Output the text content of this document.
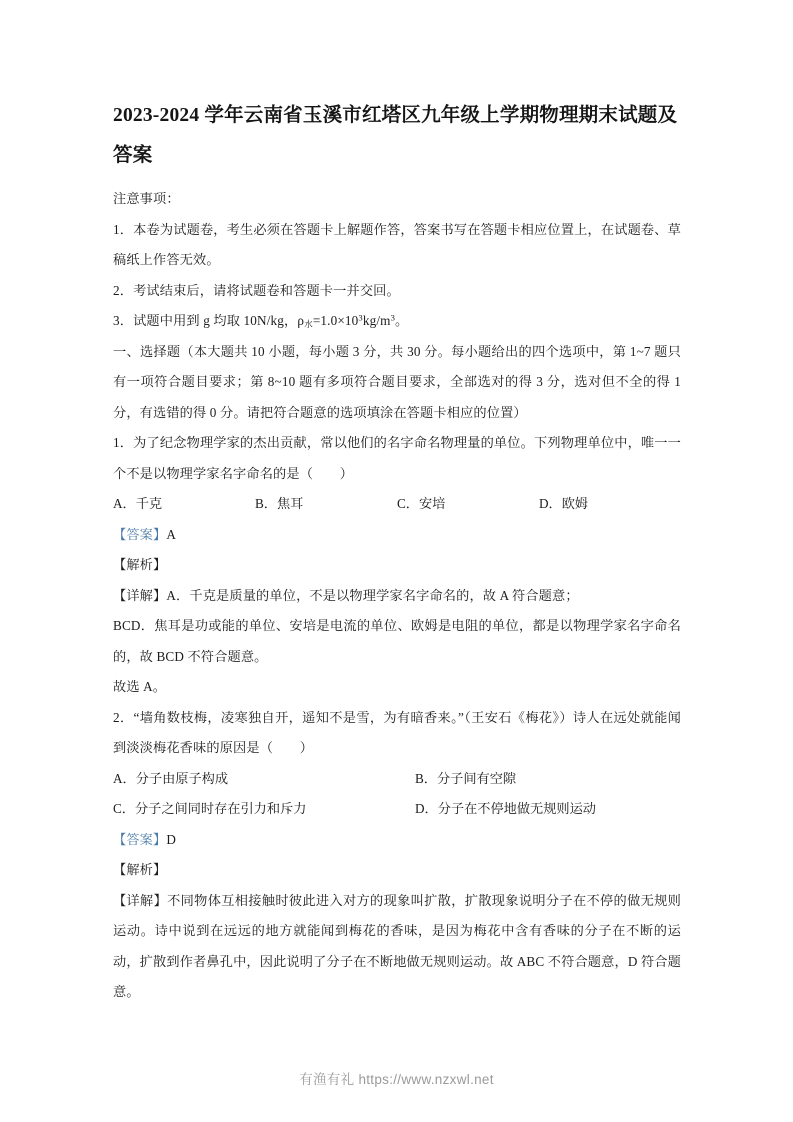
2023-2024 学年云南省玉溪市红塔区九年级上学期物理期末试题及答案

注意事项：

1．本卷为试题卷，考生必须在答题卡上解题作答，答案书写在答题卡相应位置上，在试题卷、草稿纸上作答无效。

2．考试结束后，请将试题卷和答题卡一并交回。

3．试题中用到 g 均取 10N/kg，$\rho_水=1.0\times 10^3kg/m^3$。

一、选择题（本大题共 10 小题，每小题 3 分，共 30 分。每小题给出的四个选项中，第 1~7 题只有一项符合题目要求；第 8~10 题有多项符合题目要求，全部选对的得 3 分，选对但不全的得 1 分，有选错的得 0 分。请把符合题意的选项填涂在答题卡相应的位置）

1．为了纪念物理学家的杰出贡献，常以他们的名字命名物理量的单位。下列物理单位中，唯一一个不是以物理学家名字命名的是（　　）

A．千克	B．焦耳	C．安培	D．欧姆

【答案】A

【解析】

【详解】A．千克是质量的单位，不是以物理学家名字命名的，故 A 符合题意；

BCD．焦耳是功或能的单位、安培是电流的单位、欧姆是电阻的单位，都是以物理学家名字命名的，故 BCD 不符合题意。

故选 A。

2．“墙角数枝梅，凌寒独自开，遥知不是雪，为有暗香来。”（王安石《梅花》）诗人在远处就能闻到淡淡梅花香味的原因是（　　）

A．分子由原子构成	B．分子间有空隙
C．分子之间同时存在引力和斥力	D．分子在不停地做无规则运动

【答案】D

【解析】

【详解】不同物体互相接触时彼此进入对方的现象叫扩散，扩散现象说明分子在不停的做无规则运动。诗中说到在远远的地方就能闻到梅花的香味，是因为梅花中含有香味的分子在不断的运动，扩散到作者鼻孔中，因此说明了分子在不断地做无规则运动。故 ABC 不符合题意，D 符合题意。

有渔有礼 https://www.nzxwl.net
